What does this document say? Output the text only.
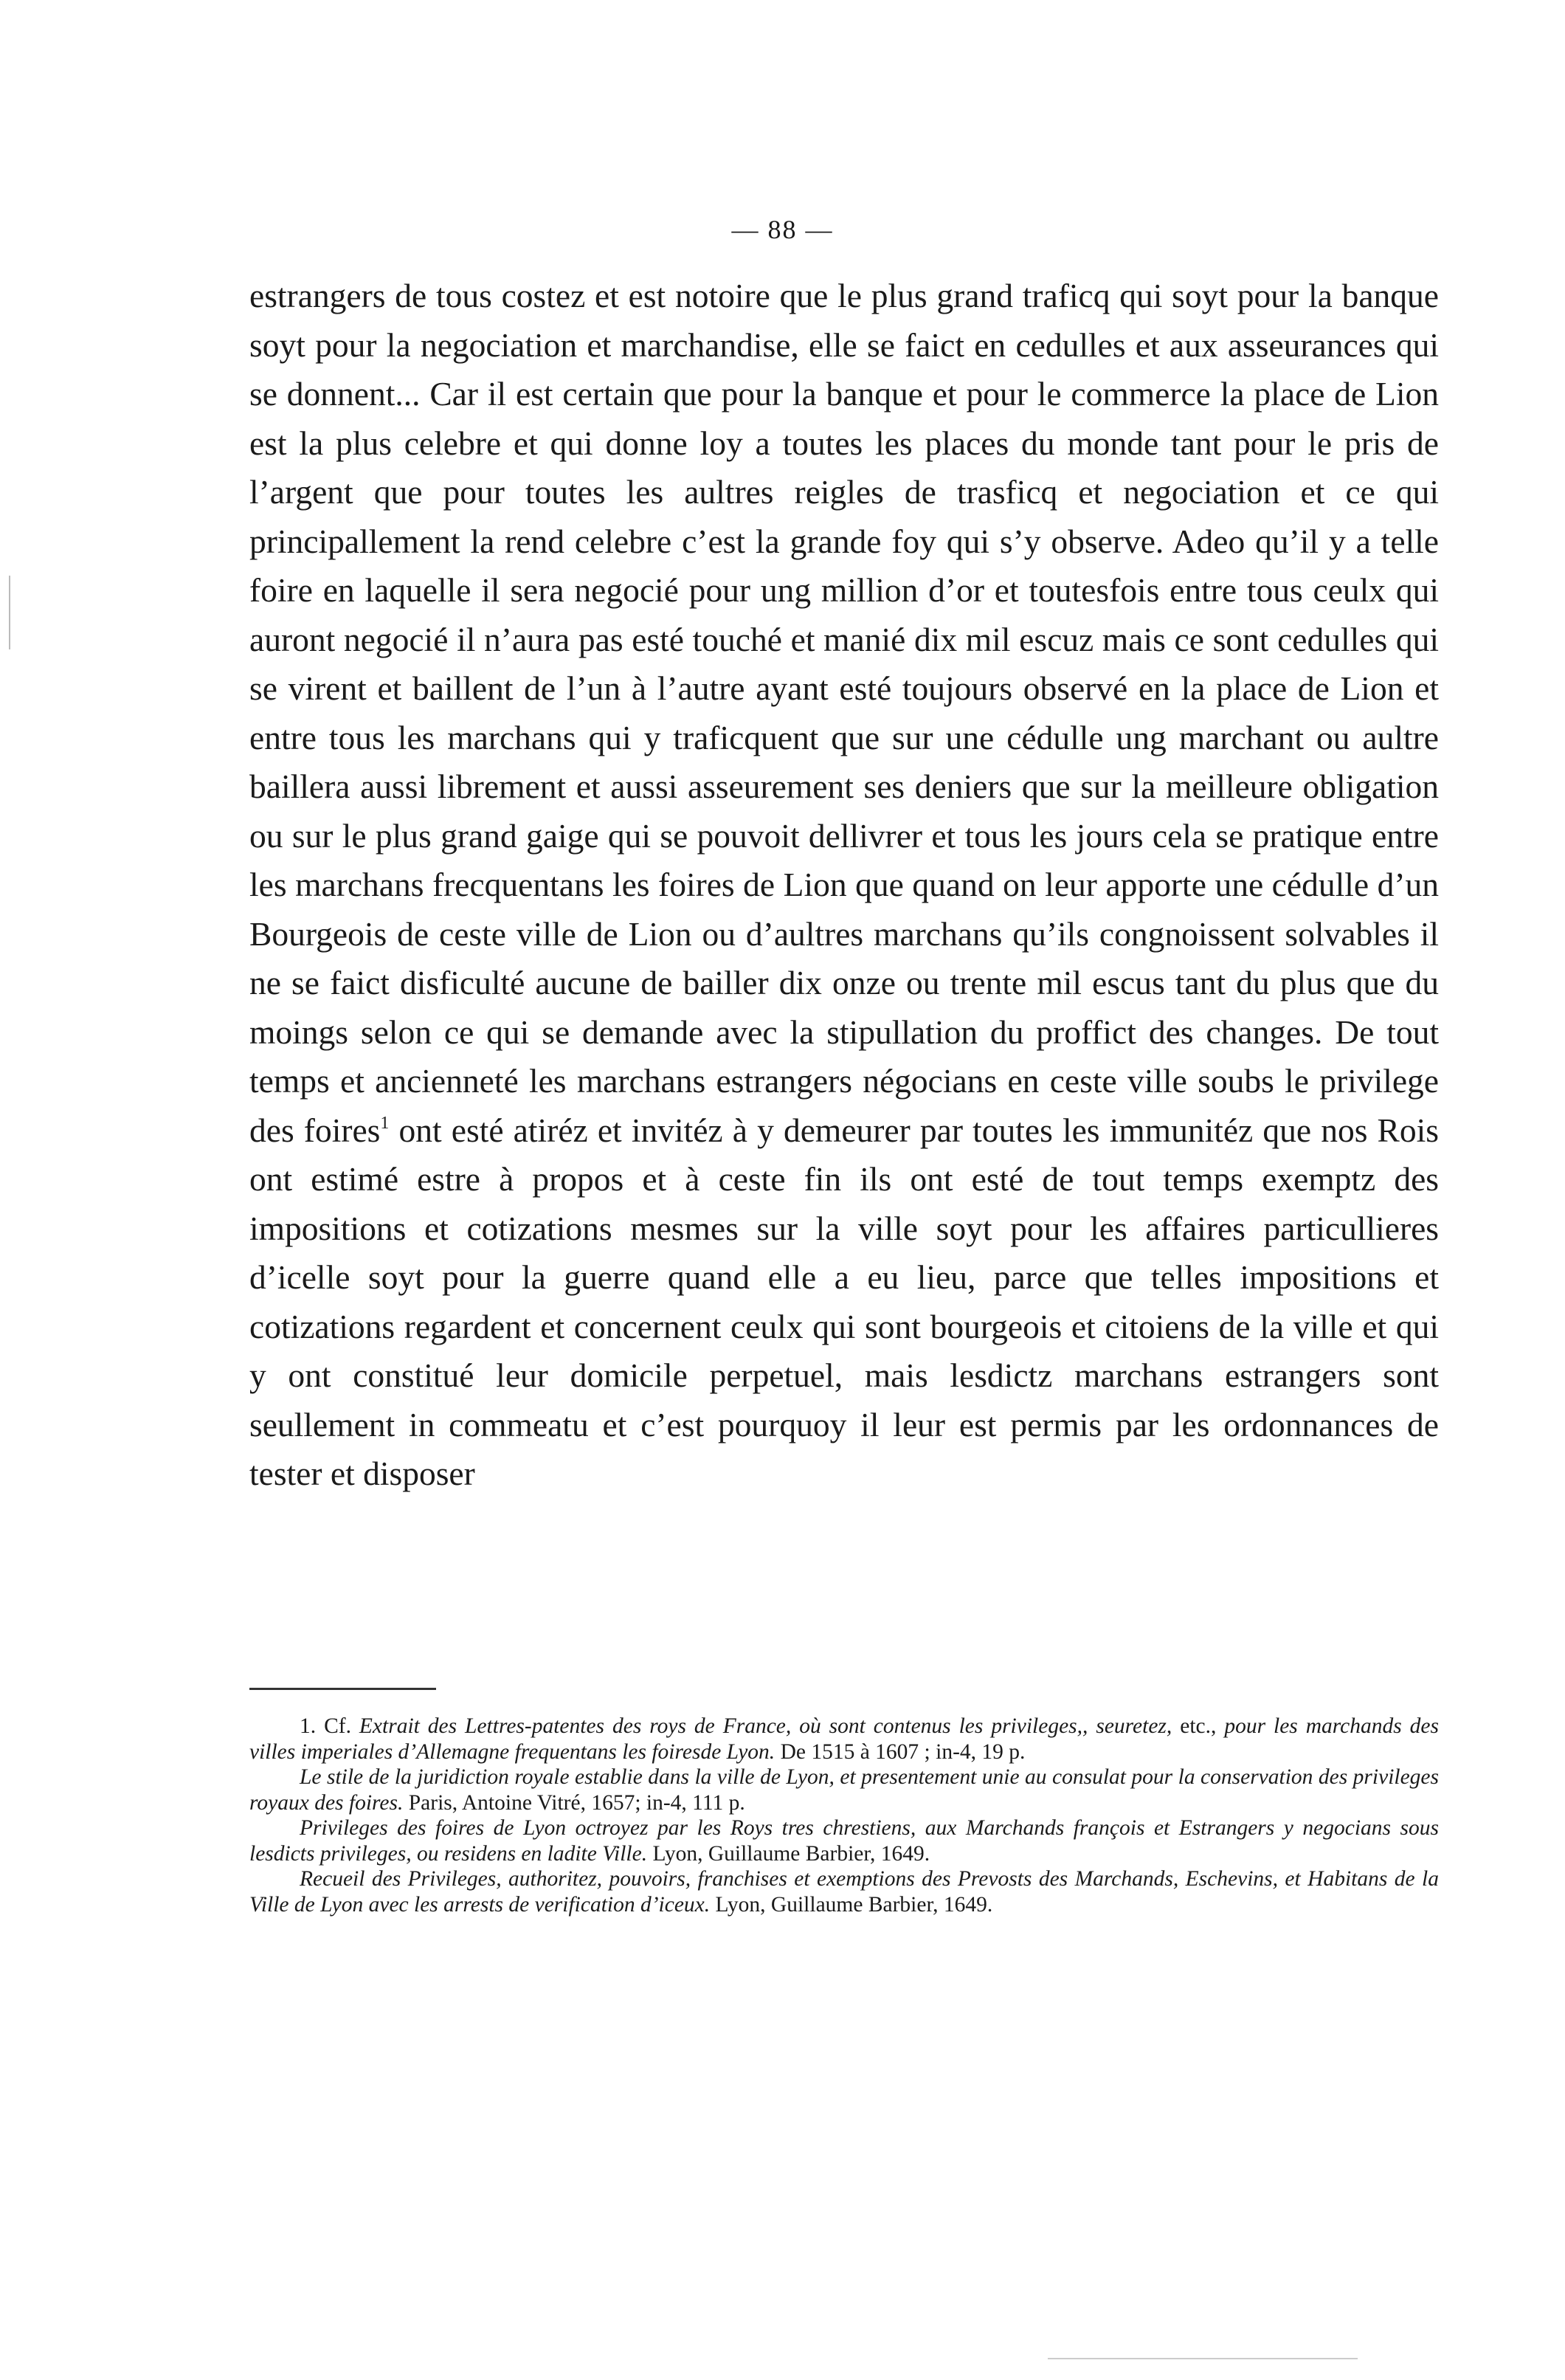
— 88 —

estrangers de tous costez et est notoire que le plus grand traficq qui soyt pour la banque soyt pour la negociation et marchandise, elle se faict en cedulles et aux asseurances qui se donnent... Car il est certain que pour la banque et pour le commerce la place de Lion est la plus celebre et qui donne loy a toutes les places du monde tant pour le pris de l’argent que pour toutes les aultres reigles de trasficq et negociation et ce qui principallement la rend celebre c’est la grande foy qui s’y observe. Adeo qu’il y a telle foire en laquelle il sera negocié pour ung million d’or et toutesfois entre tous ceulx qui auront negocié il n’aura pas esté touché et manié dix mil escuz mais ce sont cedulles qui se virent et baillent de l’un à l’autre ayant esté toujours observé en la place de Lion et entre tous les marchans qui y traficquent que sur une cédulle ung marchant ou aultre baillera aussi librement et aussi asseurement ses deniers que sur la meilleure obligation ou sur le plus grand gaige qui se pouvoit dellivrer et tous les jours cela se pratique entre les marchans frecquentans les foires de Lion que quand on leur apporte une cédulle d’un Bourgeois de ceste ville de Lion ou d’aultres marchans qu’ils congnoissent solvables il ne se faict disficulté aucune de bailler dix onze ou trente mil escus tant du plus que du moings selon ce qui se demande avec la stipullation du proffict des changes. De tout temps et ancienneté les marchans estrangers négocians en ceste ville soubs le privilege des foires$^1$ ont esté atiréz et invitéz à y demeurer par toutes les immunitéz que nos Rois ont estimé estre à propos et à ceste fin ils ont esté de tout temps exemptz des impositions et cotizations mesmes sur la ville soyt pour les affaires particullieres d’icelle soyt pour la guerre quand elle a eu lieu, parce que telles impositions et cotizations regardent et concernent ceulx qui sont bourgeois et citoiens de la ville et qui y ont constitué leur domicile perpetuel, mais lesdictz marchans estrangers sont seullement in commeatu et c’est pourquoy il leur est permis par les ordonnances de tester et disposer

1. Cf. Extrait des Lettres-patentes des roys de France, où sont contenus les privileges,, seuretez, etc., pour les marchands des villes imperiales d’Allemagne frequentans les foiresde Lyon. De 1515 à 1607 ; in-4, 19 p.

Le stile de la juridiction royale establie dans la ville de Lyon, et presentement unie au consulat pour la conservation des privileges royaux des foires. Paris, Antoine Vitré, 1657; in-4, 111 p.

Privileges des foires de Lyon octroyez par les Roys tres chrestiens, aux Marchands françois et Estrangers y negocians sous lesdicts privileges, ou residens en ladite Ville. Lyon, Guillaume Barbier, 1649.

Recueil des Privileges, authoritez, pouvoirs, franchises et exemptions des Prevosts des Marchands, Eschevins, et Habitans de la Ville de Lyon avec les arrests de verification d’iceux. Lyon, Guillaume Barbier, 1649.
